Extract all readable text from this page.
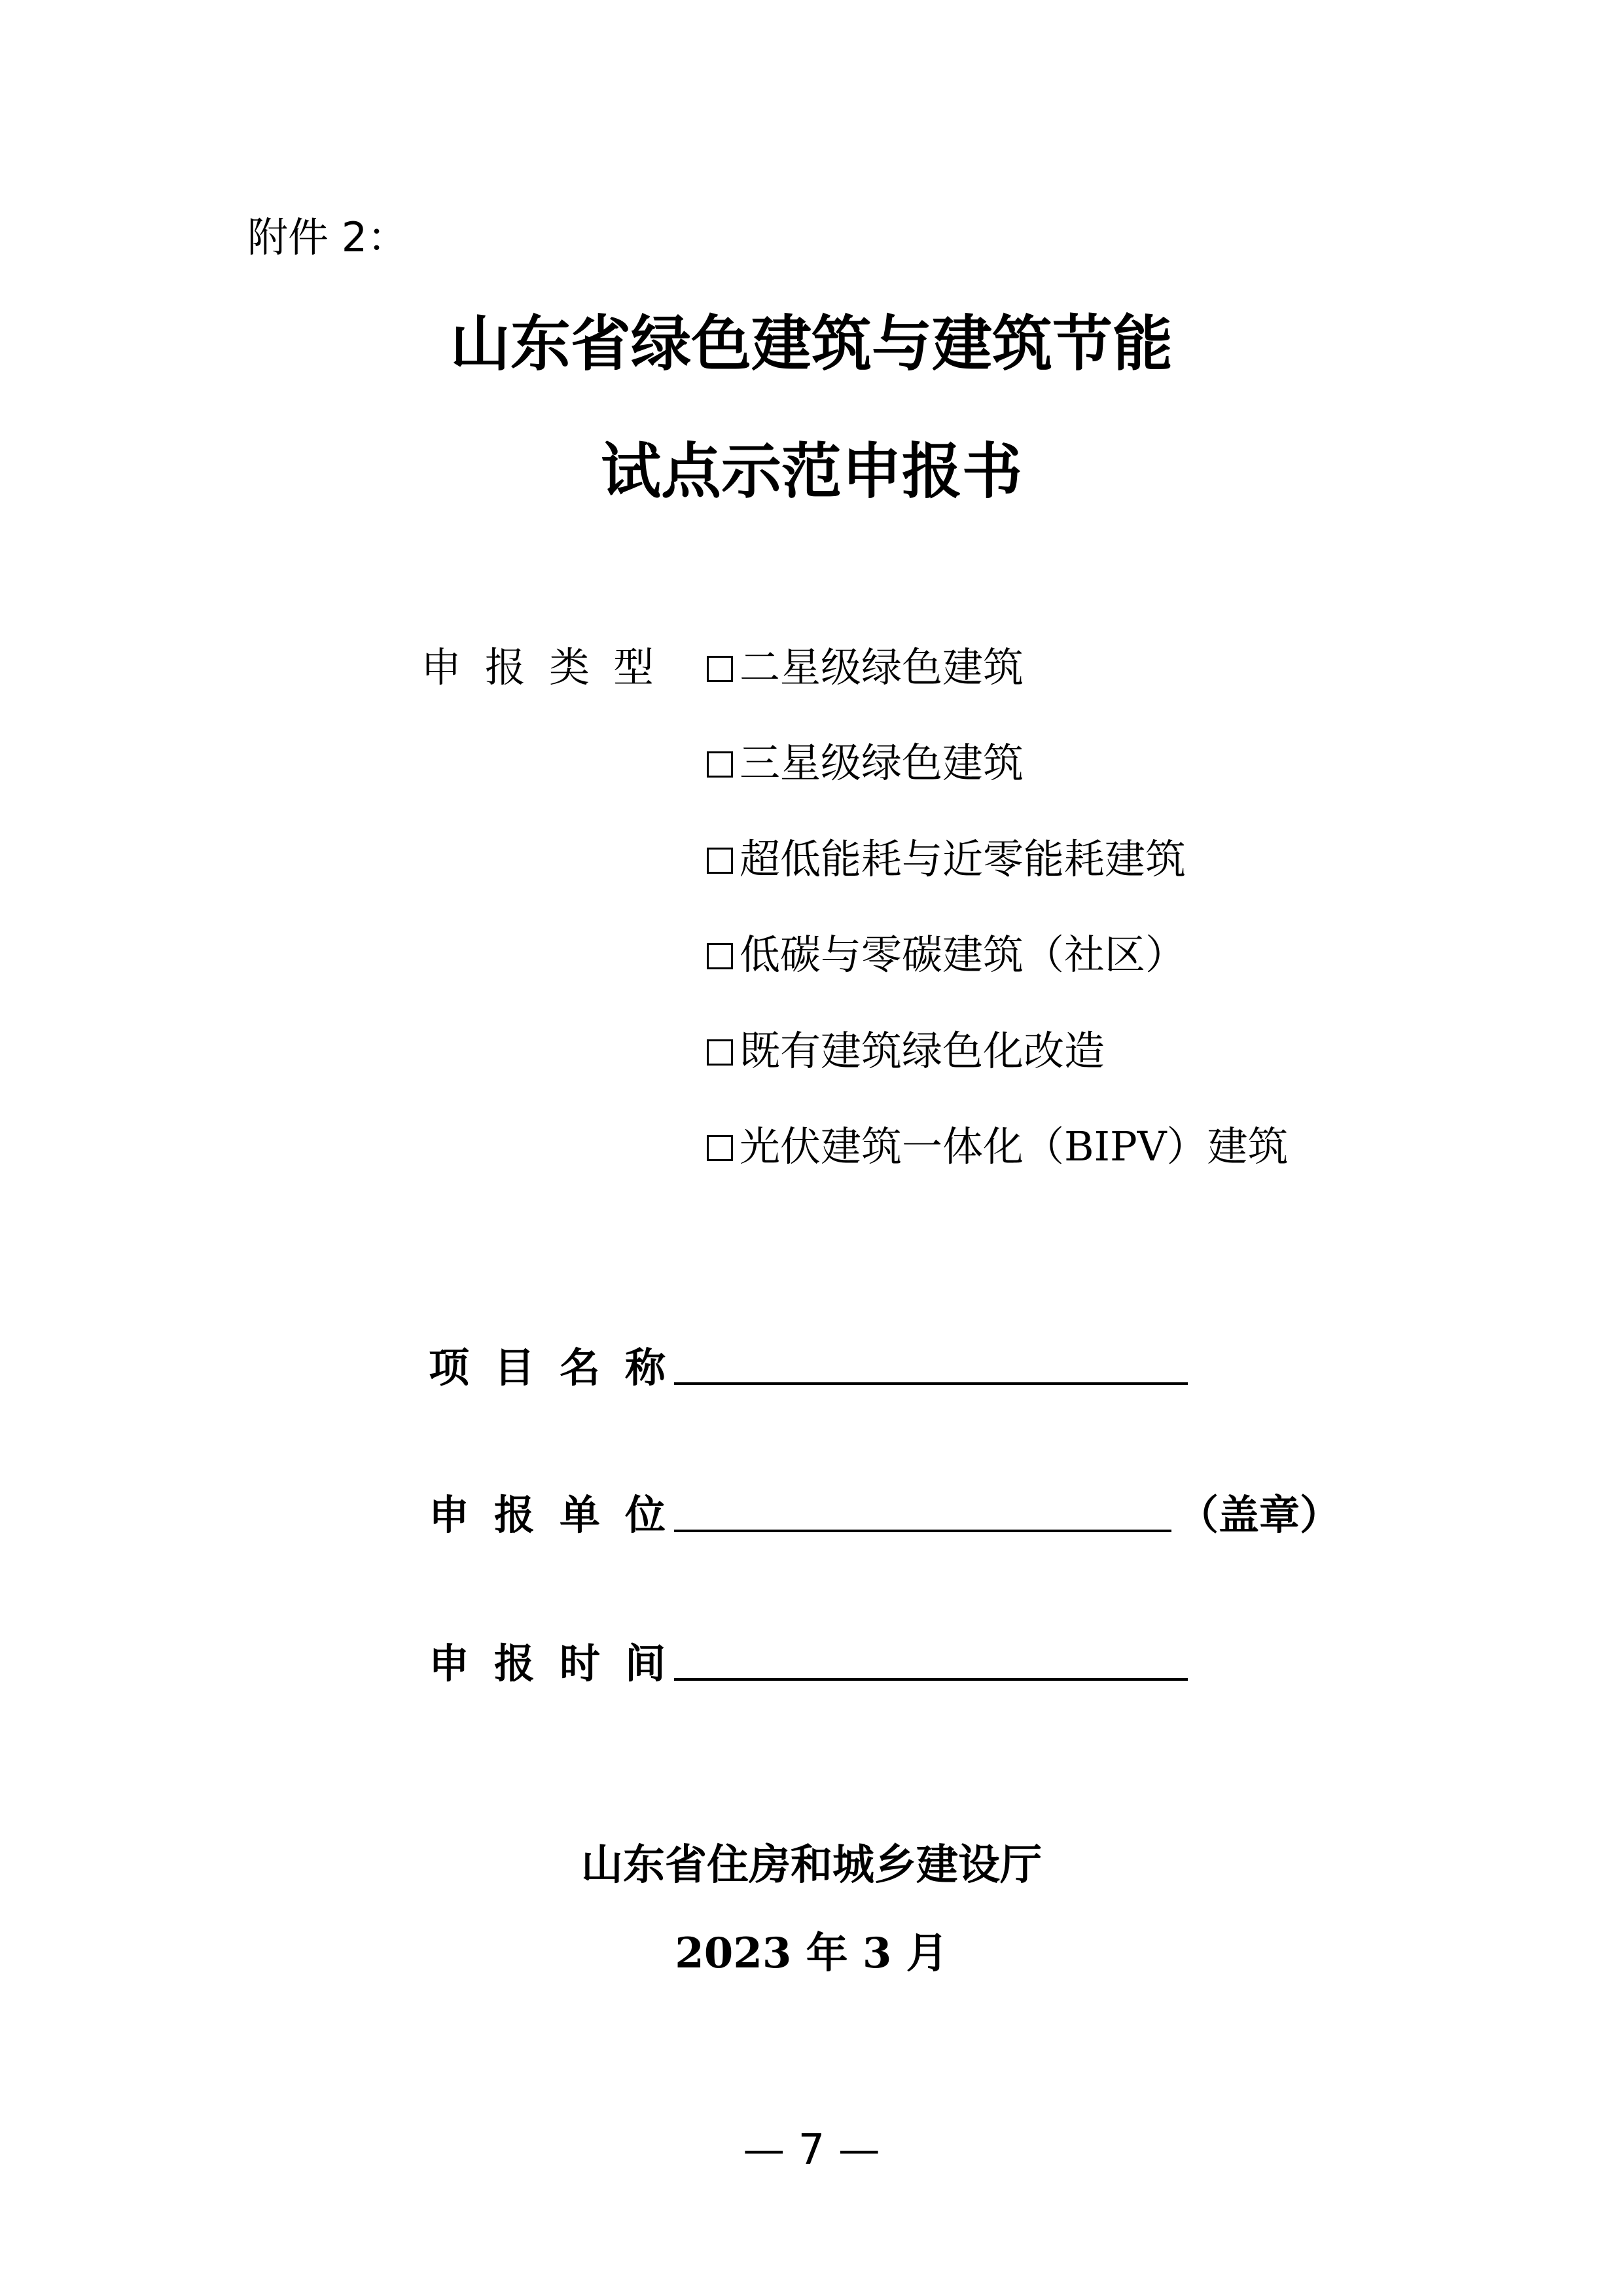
附件 2：
山东省绿色建筑与建筑节能
试点示范申报书
申报类型 二星级绿色建筑
三星级绿色建筑
超低能耗与近零能耗建筑
低碳与零碳建筑（社区）
既有建筑绿色化改造
光伏建筑一体化（BIPV）建筑
项目名称
申报单位	（盖章）
申报时间
山东省住房和城乡建设厅
2023 年 3 月
— 7 —
